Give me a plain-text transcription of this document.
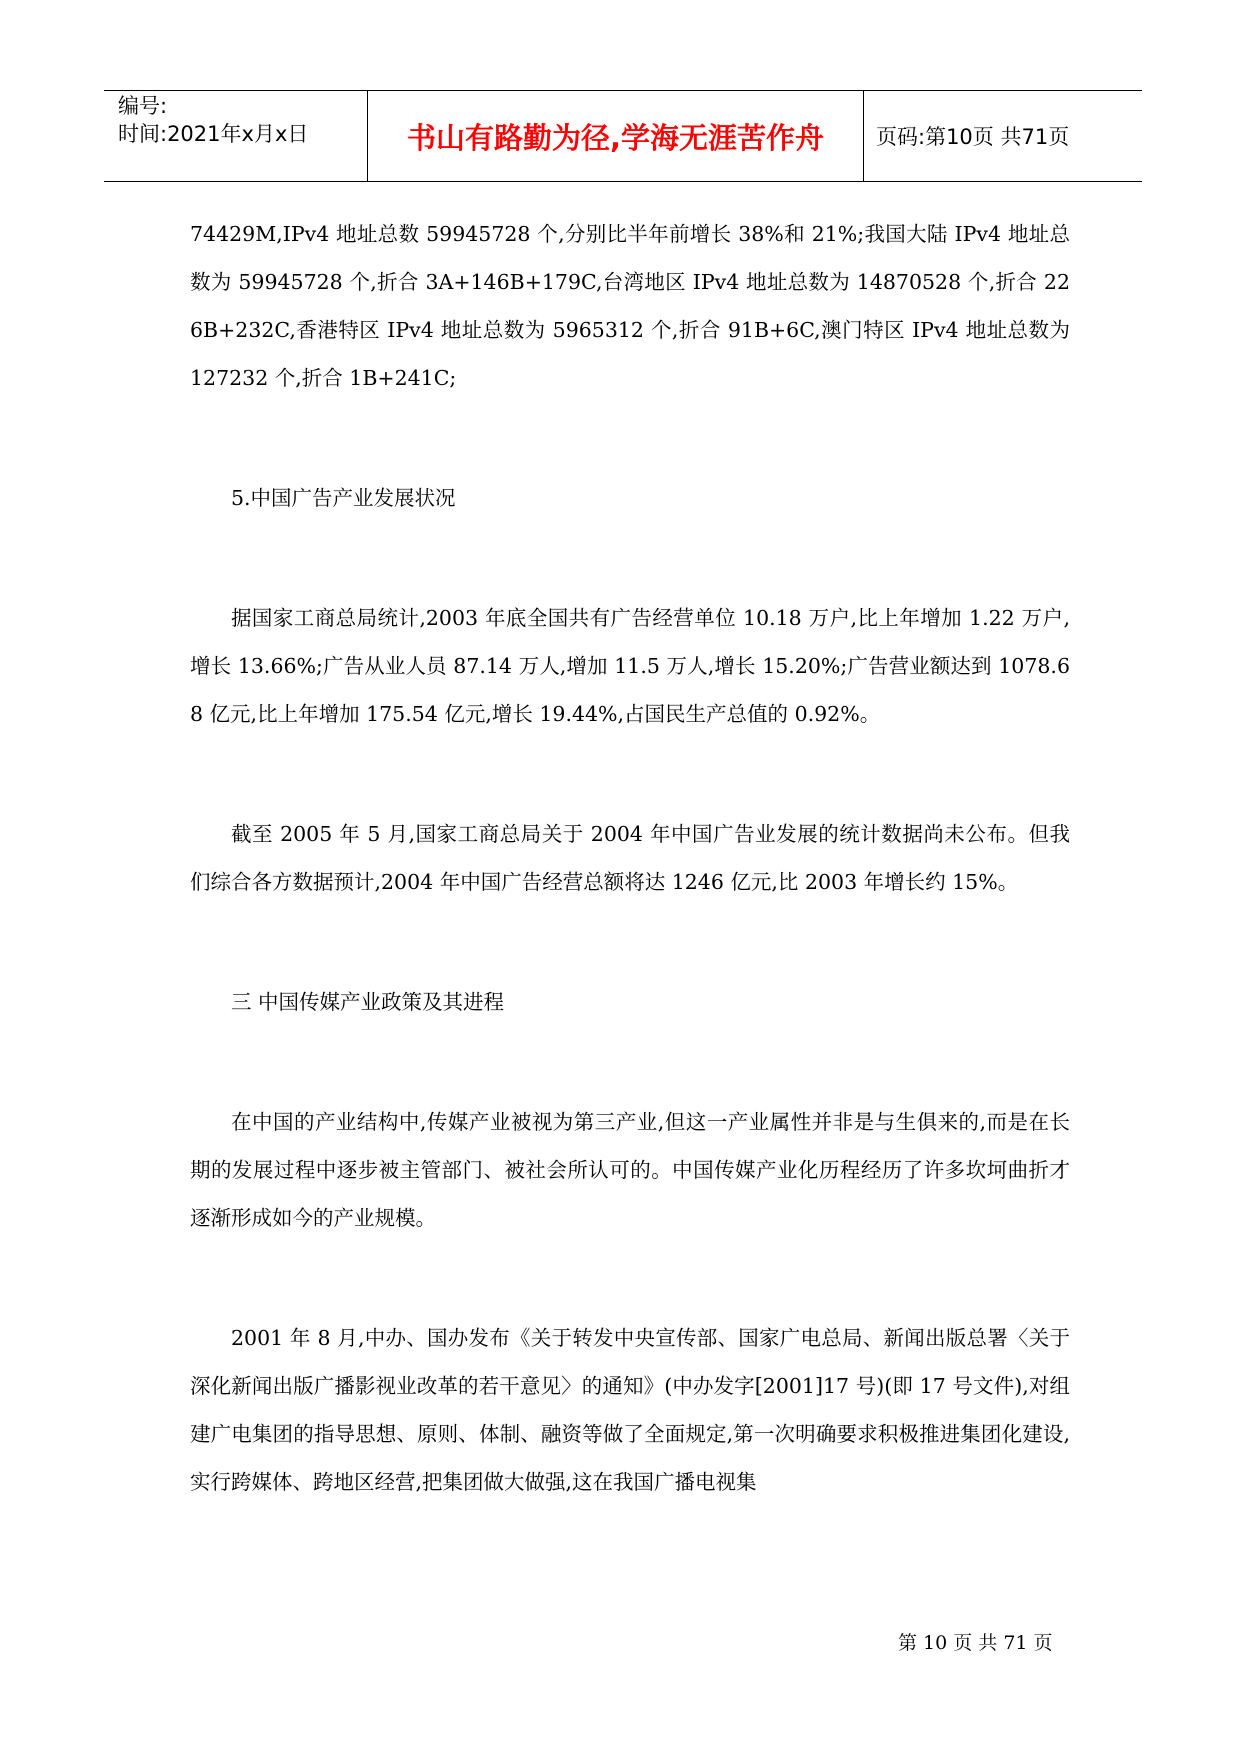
编号:
时间:2021年x月x日	书山有路勤为径,学海无涯苦作舟	页码:第10页 共71页

74429M,IPv4 地址总数 59945728 个,分别比半年前增长 38%和 21%;我国大陆 IPv4 地址总数为 59945728 个,折合 3A+146B+179C,台湾地区 IPv4 地址总数为 14870528 个,折合 226B+232C,香港特区 IPv4 地址总数为 5965312 个,折合 91B+6C,澳门特区 IPv4 地址总数为 127232 个,折合 1B+241C;

5.中国广告产业发展状况

据国家工商总局统计,2003 年底全国共有广告经营单位 10.18 万户,比上年增加 1.22 万户,增长 13.66%;广告从业人员 87.14 万人,增加 11.5 万人,增长 15.20%;广告营业额达到 1078.68 亿元,比上年增加 175.54 亿元,增长 19.44%,占国民生产总值的 0.92%。

截至 2005 年 5 月,国家工商总局关于 2004 年中国广告业发展的统计数据尚未公布。但我们综合各方数据预计,2004 年中国广告经营总额将达 1246 亿元,比 2003 年增长约 15%。

三 中国传媒产业政策及其进程

在中国的产业结构中,传媒产业被视为第三产业,但这一产业属性并非是与生俱来的,而是在长期的发展过程中逐步被主管部门、被社会所认可的。中国传媒产业化历程经历了许多坎坷曲折才逐渐形成如今的产业规模。

2001 年 8 月,中办、国办发布《关于转发中央宣传部、国家广电总局、新闻出版总署〈关于深化新闻出版广播影视业改革的若干意见〉的通知》(中办发字[2001]17 号)(即 17 号文件),对组建广电集团的指导思想、原则、体制、融资等做了全面规定,第一次明确要求积极推进集团化建设,实行跨媒体、跨地区经营,把集团做大做强,这在我国广播电视集

第 10 页 共 71 页
